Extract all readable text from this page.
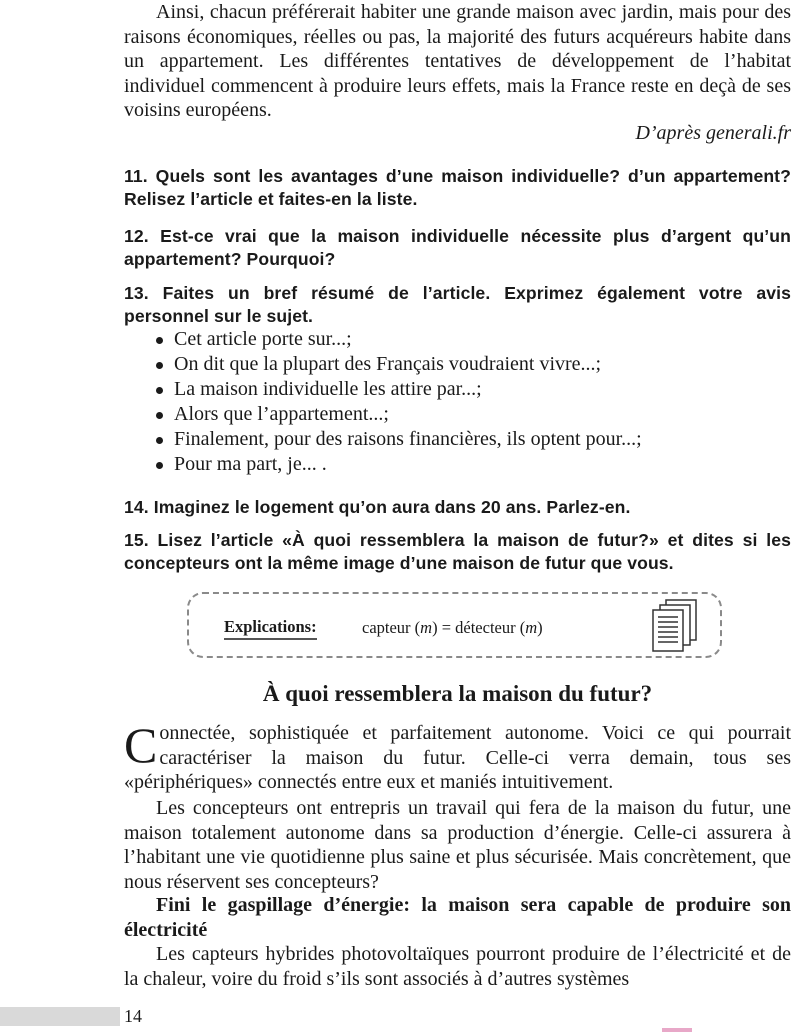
Ainsi, chacun préférerait habiter une grande maison avec jardin, mais pour des raisons économiques, réelles ou pas, la majorité des futurs acquéreurs habite dans un appartement. Les différentes tentatives de développement de l’habitat individuel commencent à produire leurs effets, mais la France reste en deçà de ses voisins européens.
D’après generali.fr
11. Quels sont les avantages d’une maison individuelle? d’un appartement? Relisez l’article et faites-en la liste.
12. Est-ce vrai que la maison individuelle nécessite plus d’argent qu’un appartement? Pourquoi?
13. Faites un bref résumé de l’article. Exprimez également votre avis personnel sur le sujet.
Cet article porte sur...;
On dit que la plupart des Français voudraient vivre...;
La maison individuelle les attire par...;
Alors que l’appartement...;
Finalement, pour des raisons financières, ils optent pour...;
Pour ma part, je... .
14. Imaginez le logement qu’on aura dans 20 ans. Parlez-en.
15. Lisez l’article «À quoi ressemblera la maison de futur?» et dites si les concepteurs ont la même image d’une maison de futur que vous.
Explications:	capteur (m) = détecteur (m)
À quoi ressemblera la maison du futur?
Connectée, sophistiquée et parfaitement autonome. Voici ce qui pourrait caractériser la maison du futur. Celle-ci verra demain, tous ses «périphériques» connectés entre eux et maniés intuitivement.
Les concepteurs ont entrepris un travail qui fera de la maison du futur, une maison totalement autonome dans sa production d’énergie. Celle-ci assurera à l’habitant une vie quotidienne plus saine et plus sécurisée. Mais concrètement, que nous réservent ses concepteurs?
Fini le gaspillage d’énergie: la maison sera capable de produire son électricité
Les capteurs hybrides photovoltaïques pourront produire de l’électricité et de la chaleur, voire du froid s’ils sont associés à d’autres systèmes
14
